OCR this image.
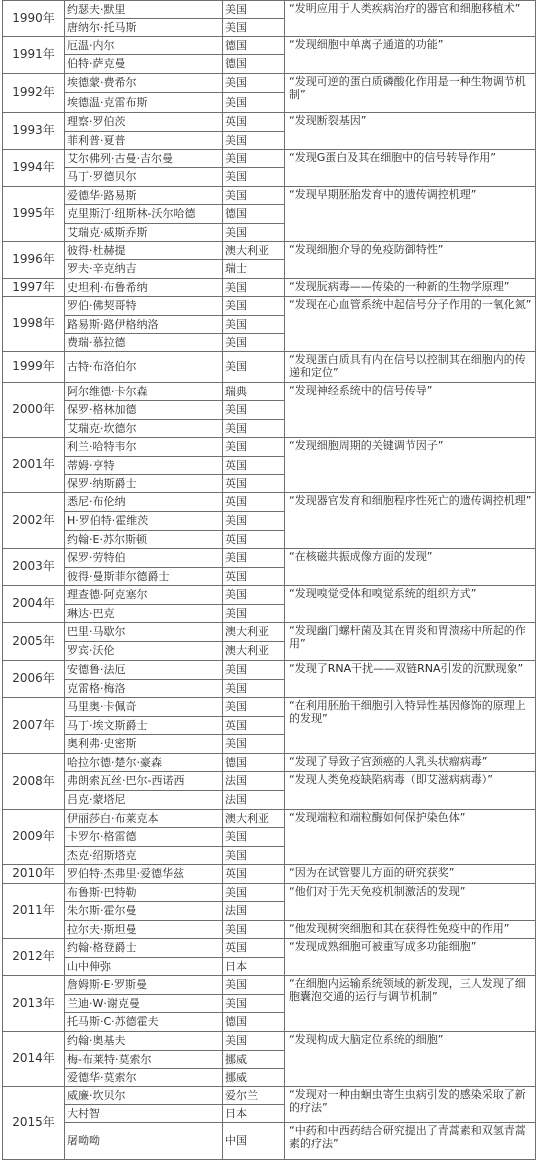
1990年	约瑟夫·默里	美国	“发明应用于人类疾病治疗的器官和细胞移植术”
	唐纳尔·托马斯	美国	
1991年	厄温·内尔	德国	“发现细胞中单离子通道的功能”
	伯特·萨克曼	德国	
1992年	埃德蒙·费希尔	美国	“发现可逆的蛋白质磷酸化作用是一种生物调节机制”
	埃德温·克雷布斯	美国	
1993年	理察·罗伯茨	英国	“发现断裂基因”
	菲利普·夏普	美国	
1994年	艾尔佛列·古曼·吉尔曼	美国	“发现G蛋白及其在细胞中的信号转导作用”
	马丁·罗德贝尔	美国	
1995年	爱德华·路易斯	美国	“发现早期胚胎发育中的遗传调控机理”
	克里斯汀·纽斯林-沃尔哈德	德国	
	艾瑞克·威斯乔斯	美国	
1996年	彼得·杜赫提	澳大利亚	“发现细胞介导的免疫防御特性”
	罗夫·辛克纳吉	瑞士	
1997年	史坦利·布鲁希纳	美国	“发现朊病毒——传染的一种新的生物学原理”
1998年	罗伯·佛契哥特	美国	“发现在心血管系统中起信号分子作用的一氧化氮”
	路易斯·路伊格纳洛	美国	
	费瑞·慕拉德	美国	
1999年	古特·布洛伯尔	美国	“发现蛋白质具有内在信号以控制其在细胞内的传递和定位”
2000年	阿尔维德·卡尔森	瑞典	“发现神经系统中的信号传导”
	保罗·格林加德	美国	
	艾瑞克·坎德尔	美国	
2001年	利兰·哈特韦尔	美国	“发现细胞周期的关键调节因子”
	蒂姆·亨特	英国	
	保罗·纳斯爵士	英国	
2002年	悉尼·布伦纳	英国	“发现器官发育和细胞程序性死亡的遗传调控机理”
	H·罗伯特·霍维茨	美国	
	约翰·E·苏尔斯顿	英国	
2003年	保罗·劳特伯	美国	“在核磁共振成像方面的发现”
	彼得·曼斯菲尔德爵士	英国	
2004年	理查德·阿克塞尔	美国	“发现嗅觉受体和嗅觉系统的组织方式”
	琳达·巴克	美国	
2005年	巴里·马歇尔	澳大利亚	“发现幽门螺杆菌及其在胃炎和胃溃疡中所起的作用”
	罗宾·沃伦	澳大利亚	
2006年	安德鲁·法厄	美国	“发现了RNA干扰——双链RNA引发的沉默现象”
	克雷格·梅洛	美国	
2007年	马里奥·卡佩奇	美国	“在利用胚胎干细胞引入特异性基因修饰的原理上的发现”
	马丁·埃文斯爵士	英国	
	奥利弗·史密斯	美国	
2008年	哈拉尔德·楚尔·豪森	德国	“发现了导致子宫颈癌的人乳头状瘤病毒”
	弗朗索瓦丝·巴尔-西诺西	法国	“发现人类免疫缺陷病毒（即艾滋病病毒）”
	吕克·蒙塔尼	法国	
2009年	伊丽莎白·布莱克本	澳大利亚	“发现端粒和端粒酶如何保护染色体”
	卡罗尔·格雷德	美国	
	杰克·绍斯塔克	美国	
2010年	罗伯特·杰弗里·爱德华兹	英国	“因为在试管婴儿方面的研究获奖”
2011年	布鲁斯·巴特勒	美国	“他们对于先天免疫机制激活的发现”
	朱尔斯·霍尔曼	法国	
	拉尔夫·斯坦曼	美国	“他发现树突细胞和其在获得性免疫中的作用”
2012年	约翰·格登爵士	英国	“发现成熟细胞可被重写成多功能细胞”
	山中伸弥	日本	
2013年	詹姆斯·E·罗斯曼	美国	“在细胞内运输系统领域的新发现，三人发现了细胞囊泡交通的运行与调节机制”
	兰迪·W·谢克曼	美国	
	托马斯·C·苏德霍夫	德国	
2014年	约翰·奥基夫	美国	“发现构成大脑定位系统的细胞”
	梅-布莱特·莫索尔	挪威	
	爱德华·莫索尔	挪威	
2015年	威廉·坎贝尔	爱尔兰	“发现对一种由蛔虫寄生虫病引发的感染采取了新的疗法”
	大村智	日本	
	屠呦呦	中国	“中药和中西药结合研究提出了青蒿素和双氢青蒿素的疗法”
